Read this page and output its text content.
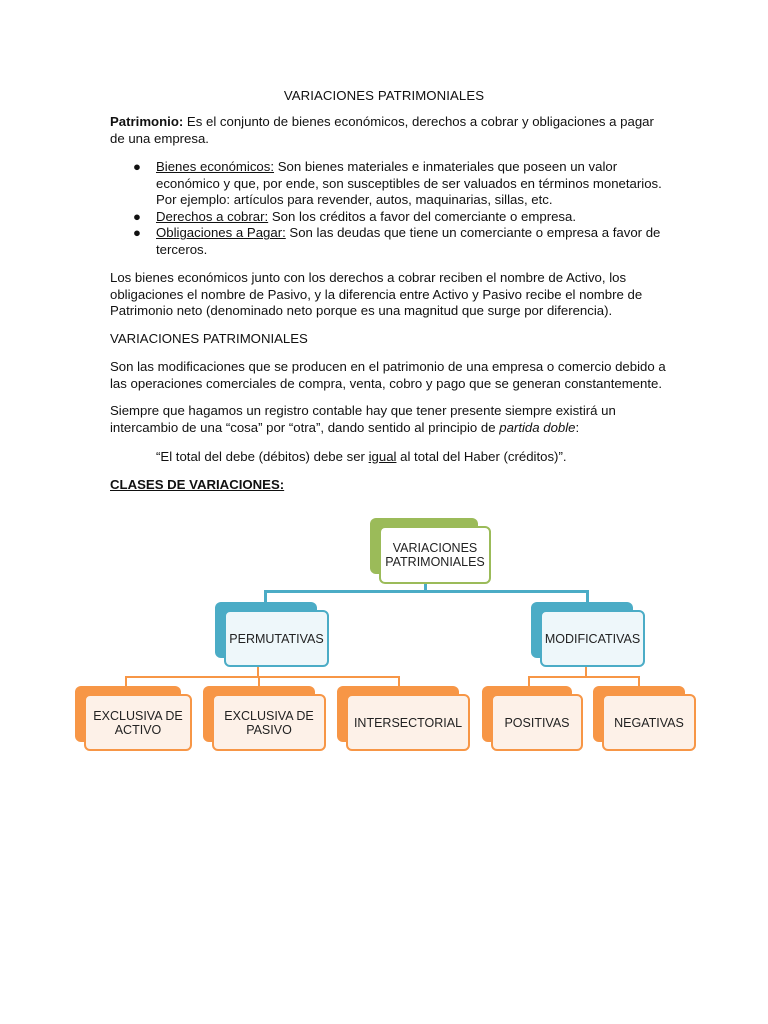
VARIACIONES PATRIMONIALES
Patrimonio: Es el conjunto de bienes económicos, derechos a cobrar y obligaciones a pagar
de una empresa.
● Bienes económicos: Son bienes materiales e inmateriales que poseen un valor
económico y que, por ende, son susceptibles de ser valuados en términos monetarios.
Por ejemplo: artículos para revender, autos, maquinarias, sillas, etc.
● Derechos a cobrar: Son los créditos a favor del comerciante o empresa.
● Obligaciones a Pagar: Son las deudas que tiene un comerciante o empresa a favor de
terceros.
Los bienes económicos junto con los derechos a cobrar reciben el nombre de Activo, los
obligaciones el nombre de Pasivo, y la diferencia entre Activo y Pasivo recibe el nombre de
Patrimonio neto (denominado neto porque es una magnitud que surge por diferencia).
VARIACIONES PATRIMONIALES
Son las modificaciones que se producen en el patrimonio de una empresa o comercio debido a
las operaciones comerciales de compra, venta, cobro y pago que se generan constantemente.
Siempre que hagamos un registro contable hay que tener presente siempre existirá un
intercambio de una “cosa” por “otra”, dando sentido al principio de partida doble:
“El total del debe (débitos) debe ser igual al total del Haber (créditos)”.
CLASES DE VARIACIONES:
VARIACIONES PATRIMONIALES
PERMUTATIVAS	MODIFICATIVAS
EXCLUSIVA DE ACTIVO
EXCLUSIVA DE PASIVO	INTERSECTORIAL	POSITIVAS	NEGATIVAS
